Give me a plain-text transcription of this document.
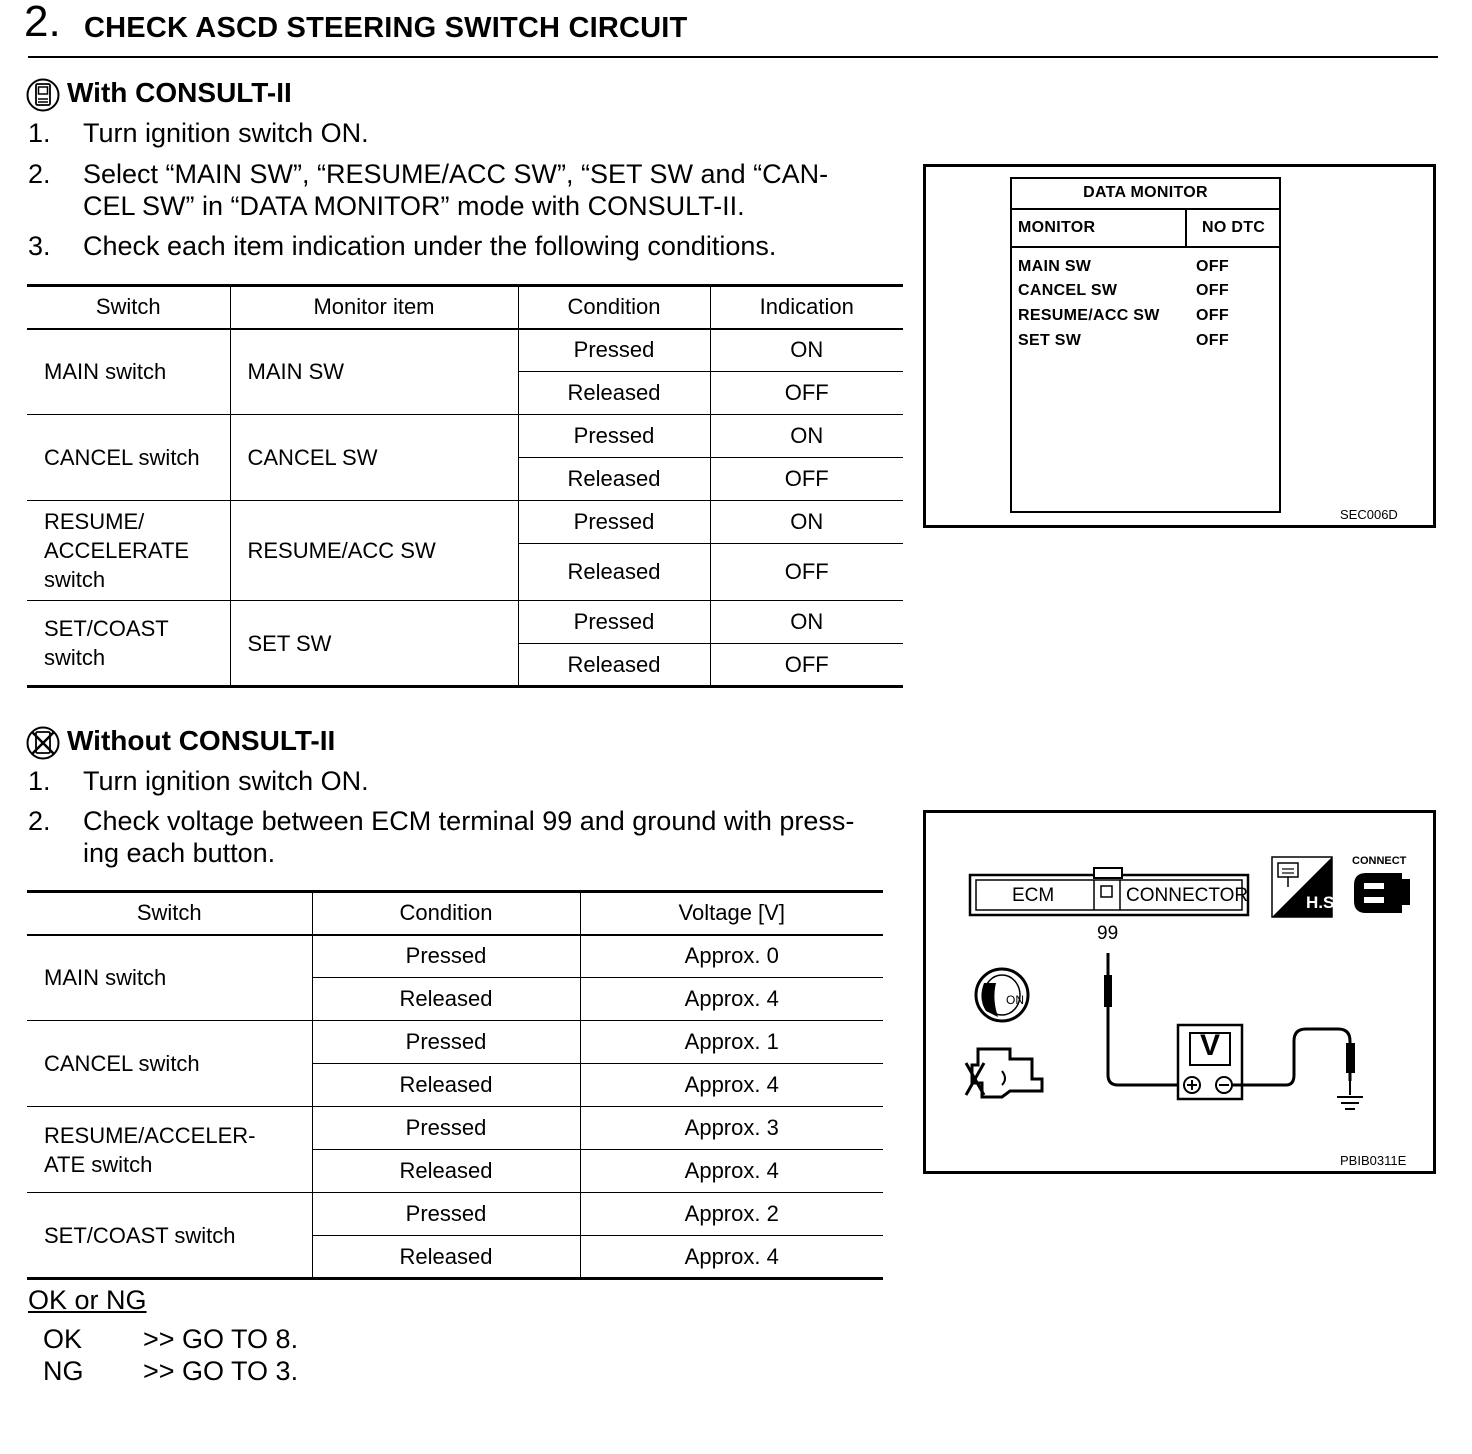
2. CHECK ASCD STEERING SWITCH CIRCUIT
With CONSULT-II
1. Turn ignition switch ON.
2. Select “MAIN SW”, “RESUME/ACC SW”, “SET SW and “CAN-
CEL SW” in “DATA MONITOR” mode with CONSULT-II.
3. Check each item indication under the following conditions.
Switch	Monitor item	Condition	Indication
MAIN switch	MAIN SW	Pressed	ON
		Released	OFF
CANCEL switch	CANCEL SW	Pressed	ON
		Released	OFF

RESUME/
ACCELERATE
switch	RESUME/ACC SW	Pressed	ON
		Released	OFF

SET/COAST
switch	SET SW	Pressed	ON
		Released	OFF
DATA MONITOR
MONITOR	NO DTC
MAIN SW	OFF
CANCEL SW	OFF
RESUME/ACC SW OFF
SET SW	OFF
SEC006D
Without CONSULT-II
1. Turn ignition switch ON.
2. Check voltage between ECM terminal 99 and ground with press-
ing each button.
Switch	Condition	Voltage [V]
MAIN switch	Pressed	Approx. 0
	Released	Approx. 4
CANCEL switch	Pressed	Approx. 1
	Released	Approx. 4

RESUME/ACCELER-
ATE switch	Pressed	Approx. 3
	Released	Approx. 4
SET/COAST switch	Pressed	Approx. 2
	Released	Approx. 4
ECM	CONNECTOR
99
CONNECT
H.S.
ON
V
PBIB0311E
OK or NG
OK >> GO TO 8.
NG >> GO TO 3.
